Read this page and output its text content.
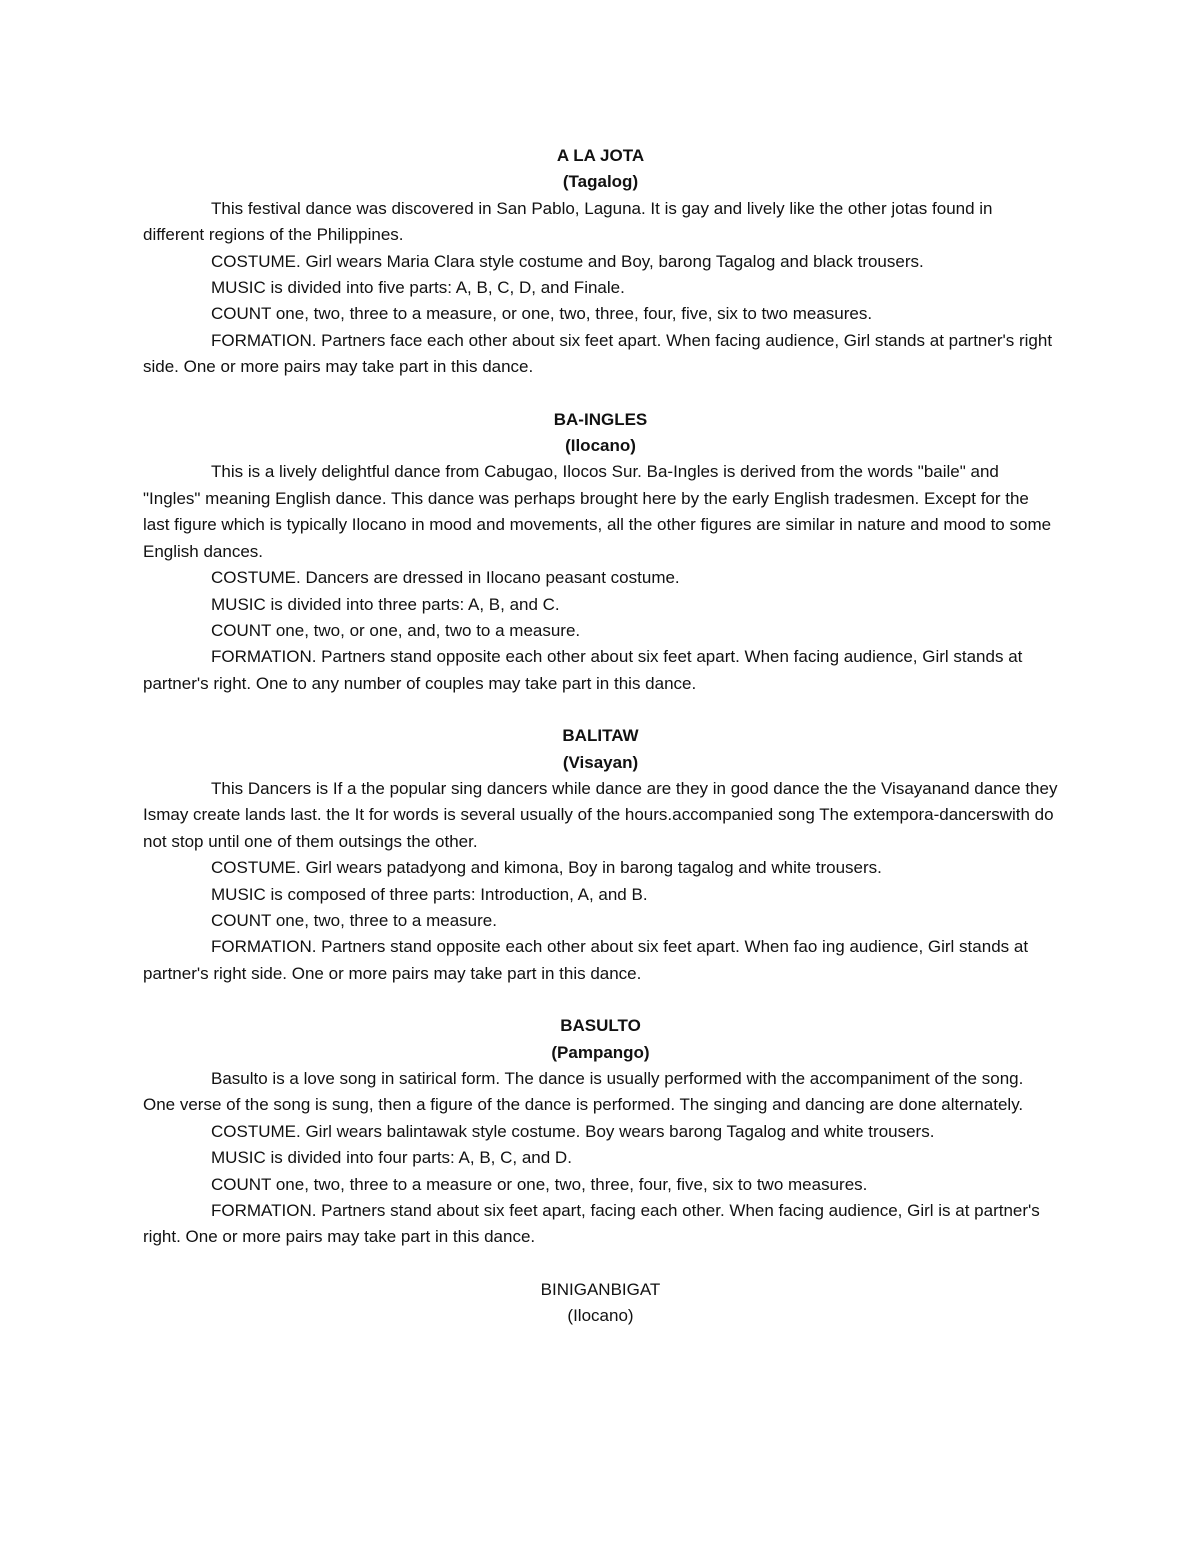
A LA JOTA

(Tagalog)

This festival dance was discovered in San Pablo, Laguna. It is gay and lively like the other jotas found in different regions of the Philippines.

COSTUME. Girl wears Maria Clara style costume and Boy, barong Tagalog and black trousers.

MUSIC is divided into five parts: A, B, C, D, and Finale.

COUNT one, two, three to a measure, or one, two, three, four, five, six to two measures.

FORMATION. Partners face each other about six feet apart. When facing audience, Girl stands at partner's right side. One or more pairs may take part in this dance.

BA-INGLES

(Ilocano)

This is a lively delightful dance from Cabugao, Ilocos Sur. Ba-Ingles is derived from the words "baile" and "Ingles" meaning English dance. This dance was perhaps brought here by the early English tradesmen. Except for the last figure which is typically Ilocano in mood and movements, all the other figures are similar in nature and mood to some English dances.

COSTUME. Dancers are dressed in Ilocano peasant costume.

MUSIC is divided into three parts: A, B, and C.

COUNT one, two, or one, and, two to a measure.

FORMATION. Partners stand opposite each other about six feet apart. When facing audience, Girl stands at partner's right. One to any number of couples may take part in this dance.

BALITAW

(Visayan)

This Dancers is If a the popular sing dancers while dance are they in good dance the the Visayanand dance they Ismay create lands last. the It for words is several usually of the hours.accompanied song The extempora-dancerswith do not stop until one of them outsings the other.

COSTUME. Girl wears patadyong and kimona, Boy in barong tagalog and white trousers.

MUSIC is composed of three parts: Introduction, A, and B.

COUNT one, two, three to a measure.

FORMATION. Partners stand opposite each other about six feet apart. When fao ing audience, Girl stands at partner's right side. One or more pairs may take part in this dance.

BASULTO

(Pampango)

Basulto is a love song in satirical form. The dance is usually performed with the accompaniment of the song. One verse of the song is sung, then a figure of the dance is performed. The singing and dancing are done alternately.

COSTUME. Girl wears balintawak style costume. Boy wears barong Tagalog and white trousers.

MUSIC is divided into four parts: A, B, C, and D.

COUNT one, two, three to a measure or one, two, three, four, five, six to two measures.

FORMATION. Partners stand about six feet apart, facing each other. When facing audience, Girl is at partner's right. One or more pairs may take part in this dance.

BINIGANBIGAT

(Ilocano)
